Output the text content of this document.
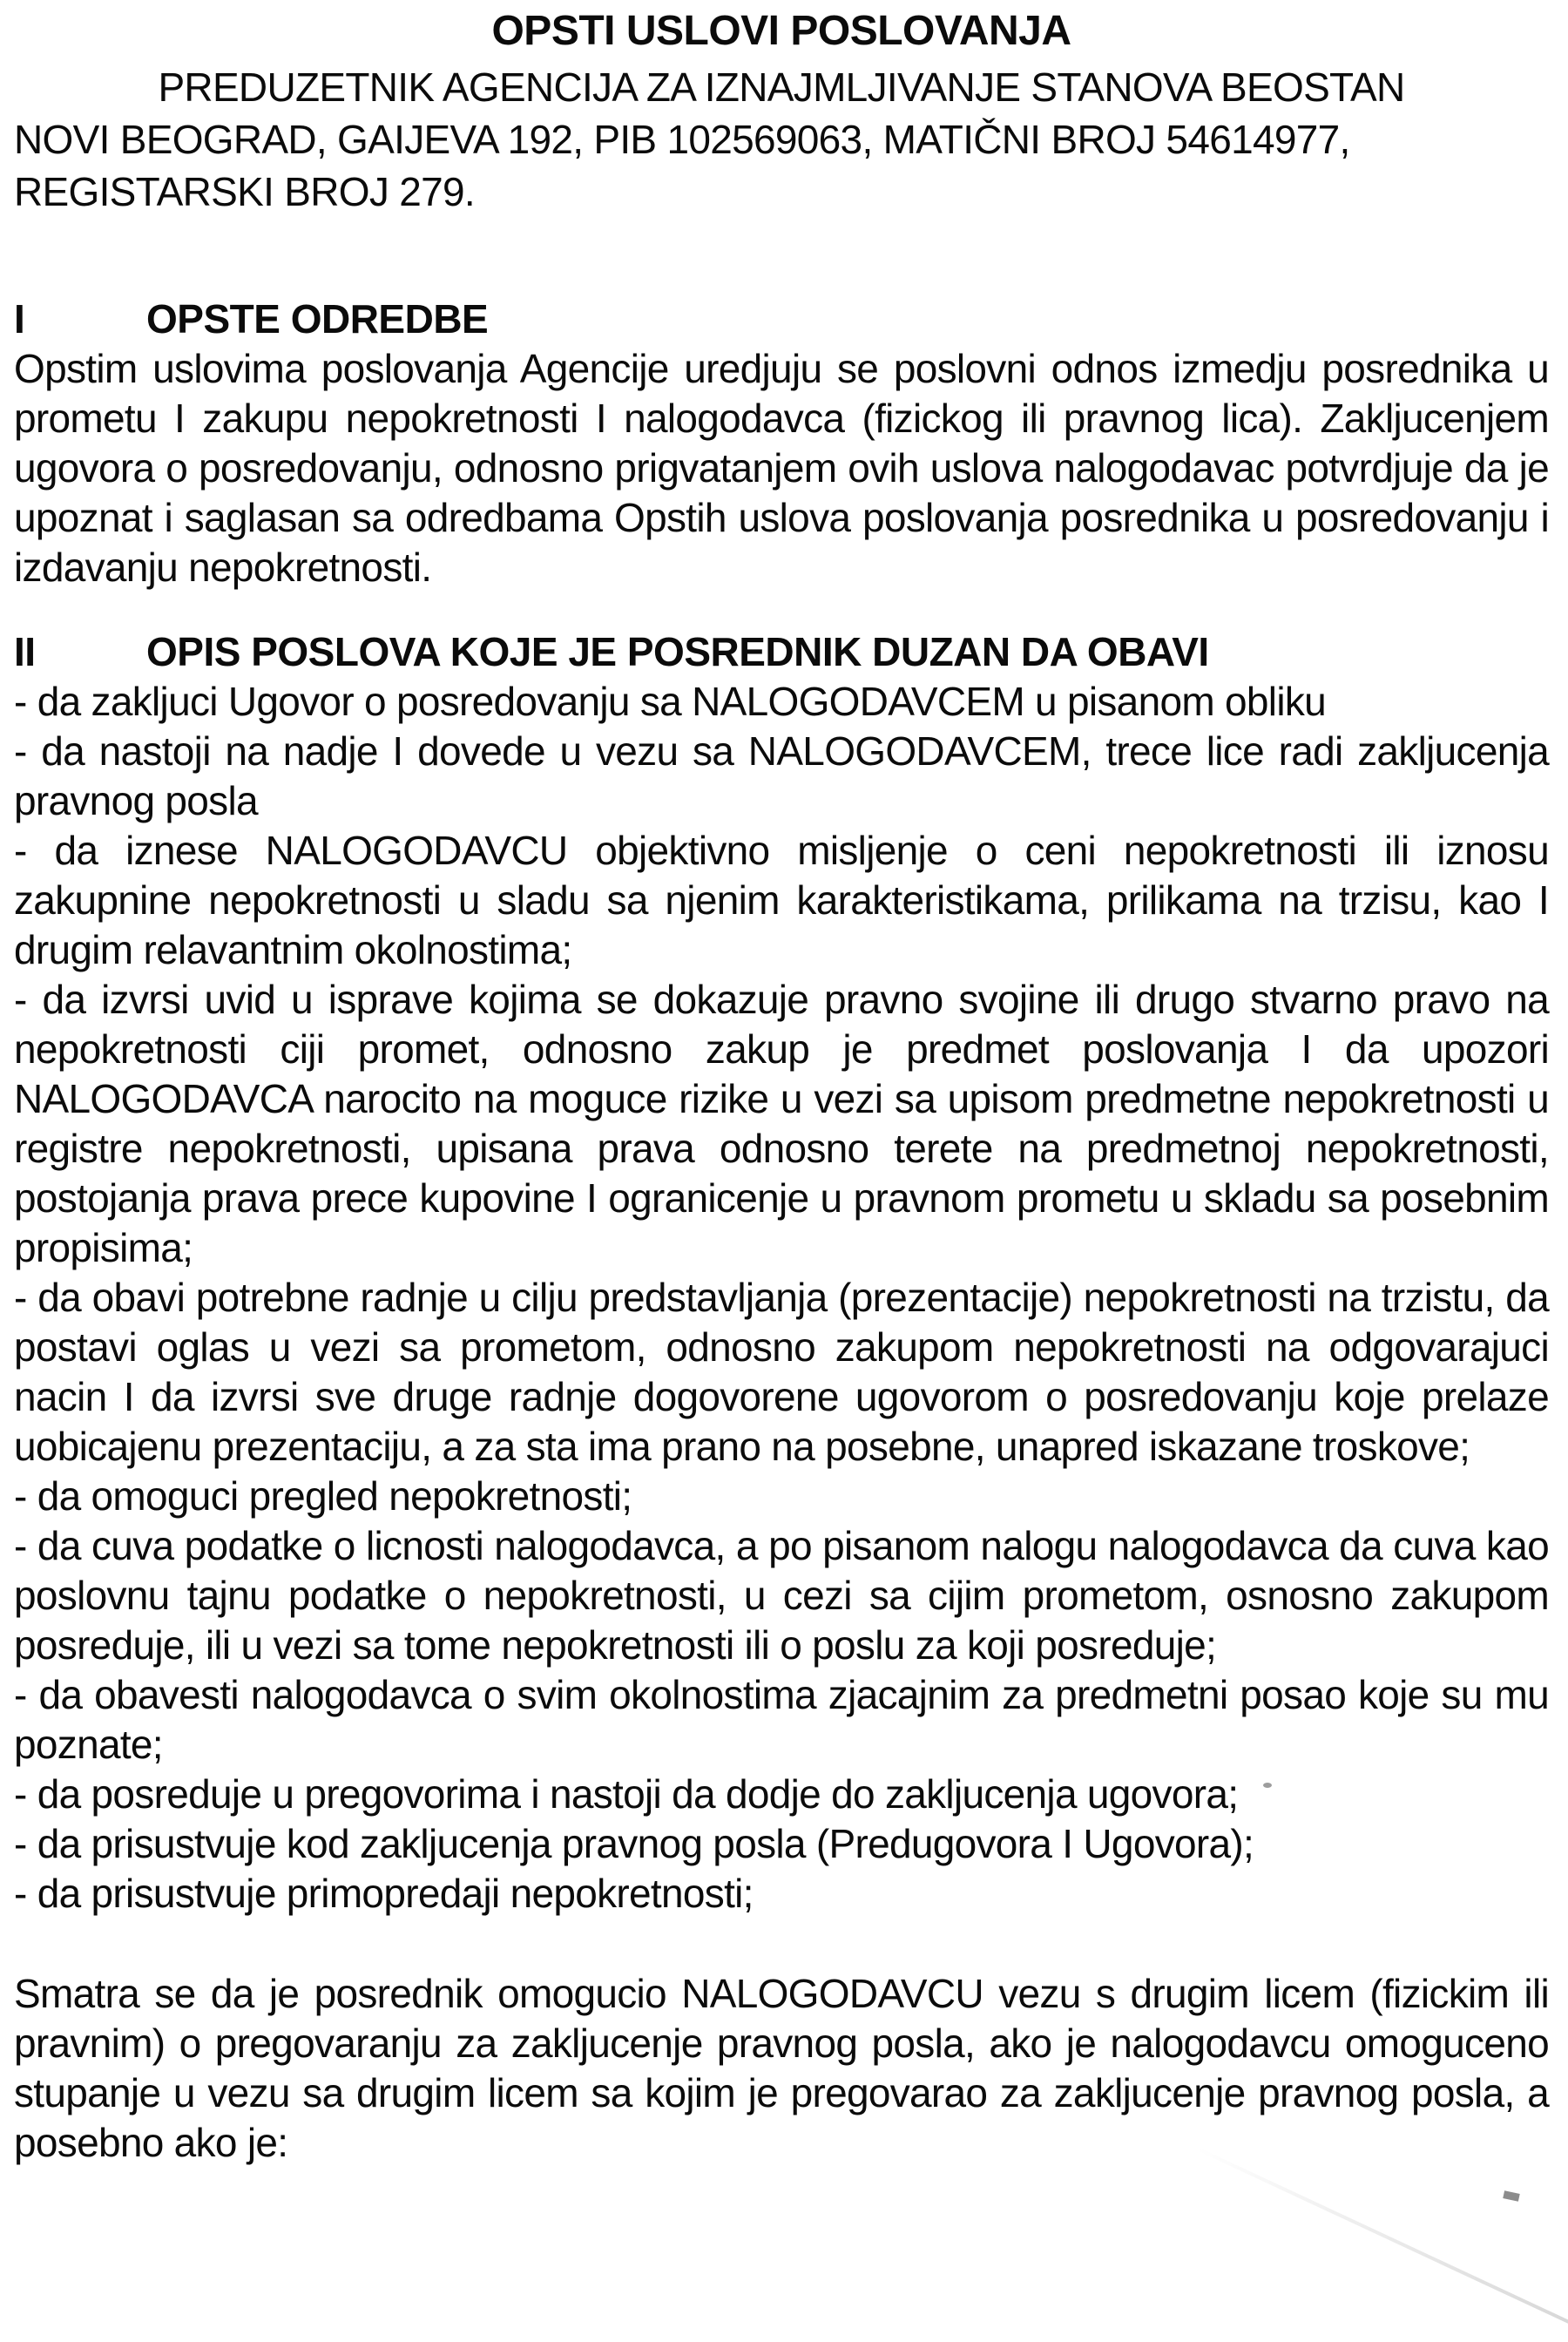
OPSTI USLOVI POSLOVANJA

PREDUZETNIK AGENCIJA ZA IZNAJMLJIVANJE STANOVA BEOSTAN

NOVI BEOGRAD, GAIJEVA 192, PIB 102569063, MATIČNI BROJ 54614977,

REGISTARSKI BROJ 279.

I	OPSTE ODREDBE

Opstim uslovima poslovanja Agencije uredjuju se poslovni odnos izmedju posrednika u prometu I zakupu nepokretnosti I nalogodavca (fizickog ili pravnog lica). Zakljucenjem ugovora o posredovanju, odnosno prigvatanjem ovih uslova nalogodavac potvrdjuje da je upoznat i saglasan sa odredbama Opstih uslova poslovanja posrednika u posredovanju i izdavanju nepokretnosti.

II	OPIS POSLOVA KOJE JE POSREDNIK DUZAN DA OBAVI

- da zakljuci Ugovor o posredovanju sa NALOGODAVCEM u pisanom obliku

- da nastoji na nadje I dovede u vezu sa NALOGODAVCEM, trece lice radi zakljucenja pravnog posla

- da iznese NALOGODAVCU objektivno misljenje o ceni nepokretnosti ili iznosu zakupnine nepokretnosti u sladu sa njenim karakteristikama, prilikama na trzisu, kao I drugim relavantnim okolnostima;

- da izvrsi uvid u isprave kojima se dokazuje pravno svojine ili drugo stvarno pravo na nepokretnosti ciji promet, odnosno zakup je predmet poslovanja I da upozori NALOGODAVCA narocito na moguce rizike u vezi sa upisom predmetne nepokretnosti u registre nepokretnosti, upisana prava odnosno terete na predmetnoj nepokretnosti, postojanja prava prece kupovine I ogranicenje u pravnom prometu u skladu sa posebnim propisima;

- da obavi potrebne radnje u cilju predstavljanja (prezentacije) nepokretnosti na trzistu, da postavi oglas u vezi sa prometom, odnosno zakupom nepokretnosti na odgovarajuci nacin I da izvrsi sve druge radnje dogovorene ugovorom o posredovanju koje prelaze uobicajenu prezentaciju, a za sta ima prano na posebne, unapred iskazane troskove;

- da omoguci pregled nepokretnosti;

- da cuva podatke o licnosti nalogodavca, a po pisanom nalogu nalogodavca da cuva kao poslovnu tajnu podatke o nepokretnosti, u cezi sa cijim prometom, osnosno zakupom posreduje, ili u vezi sa tome nepokretnosti ili o poslu za koji posreduje;

- da obavesti nalogodavca o svim okolnostima zjacajnim za predmetni posao koje su mu poznate;

- da posreduje u pregovorima i nastoji da dodje do zakljucenja ugovora;

- da prisustvuje kod zakljucenja pravnog posla (Predugovora I Ugovora);

- da prisustvuje primopredaji nepokretnosti;

Smatra se da je posrednik omogucio NALOGODAVCU vezu s drugim licem (fizickim ili pravnim) o pregovaranju za zakljucenje pravnog posla, ako je nalogodavcu omoguceno stupanje u vezu sa drugim licem sa kojim je pregovarao za zakljucenje pravnog posla, a posebno ako je:
